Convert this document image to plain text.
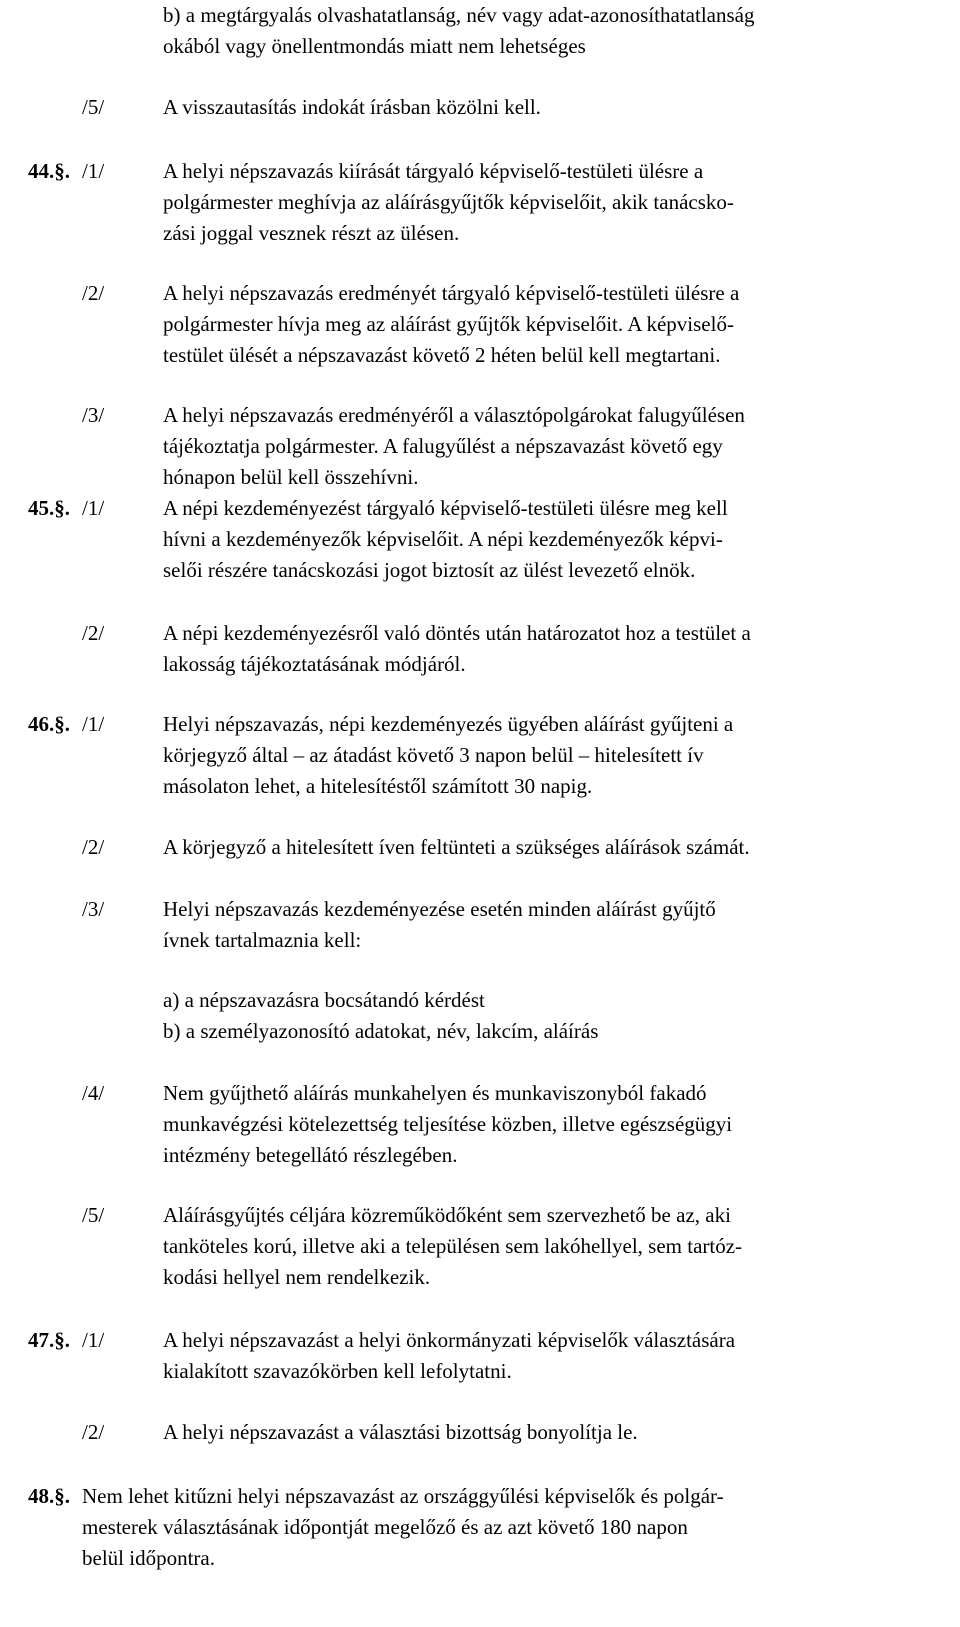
b) a megtárgyalás olvashatatlanság, név vagy adat-azonosíthatatlanság
okából vagy önellentmondás miatt nem lehetséges
/5/	A visszautasítás indokát írásban közölni kell.
44.§. /1/	A helyi népszavazás kiírását tárgyaló képviselő-testületi ülésre a
polgármester meghívja az aláírásgyűjtők képviselőit, akik tanácsko-
zási joggal vesznek részt az ülésen.
/2/	A helyi népszavazás eredményét tárgyaló képviselő-testületi ülésre a
polgármester hívja meg az aláírást gyűjtők képviselőit. A képviselő-
testület ülését a népszavazást követő 2 héten belül kell megtartani.
/3/	A helyi népszavazás eredményéről a választópolgárokat falugyűlésen
tájékoztatja polgármester. A falugyűlést a népszavazást követő egy
hónapon belül kell összehívni.
45.§. /1/	A népi kezdeményezést tárgyaló képviselő-testületi ülésre meg kell
hívni a kezdeményezők képviselőit. A népi kezdeményezők képvi-
selői részére tanácskozási jogot biztosít az ülést levezető elnök.
/2/	A népi kezdeményezésről való döntés után határozatot hoz a testület a
lakosság tájékoztatásának módjáról.
46.§. /1/	Helyi népszavazás, népi kezdeményezés ügyében aláírást gyűjteni a
körjegyző által – az átadást követő 3 napon belül – hitelesített ív
másolaton lehet, a hitelesítéstől számított 30 napig.
/2/	A körjegyző a hitelesített íven feltünteti a szükséges aláírások számát.
/3/	Helyi népszavazás kezdeményezése esetén minden aláírást gyűjtő
ívnek tartalmaznia kell:
a) a népszavazásra bocsátandó kérdést
b) a személyazonosító adatokat, név, lakcím, aláírás
/4/	Nem gyűjthető aláírás munkahelyen és munkaviszonyból fakadó
munkavégzési kötelezettség teljesítése közben, illetve egészségügyi
intézmény betegellátó részlegében.
/5/	Aláírásgyűjtés céljára közreműködőként sem szervezhető be az, aki
tanköteles korú, illetve aki a településen sem lakóhellyel, sem tartóz-
kodási hellyel nem rendelkezik.
47.§. /1/	A helyi népszavazást a helyi önkormányzati képviselők választására
kialakított szavazókörben kell lefolytatni.
/2/	A helyi népszavazást a választási bizottság bonyolítja le.
48.§. Nem lehet kitűzni helyi népszavazást az országgyűlési képviselők és polgár-
mesterek választásának időpontját megelőző és az azt követő 180 napon
belül időpontra.
